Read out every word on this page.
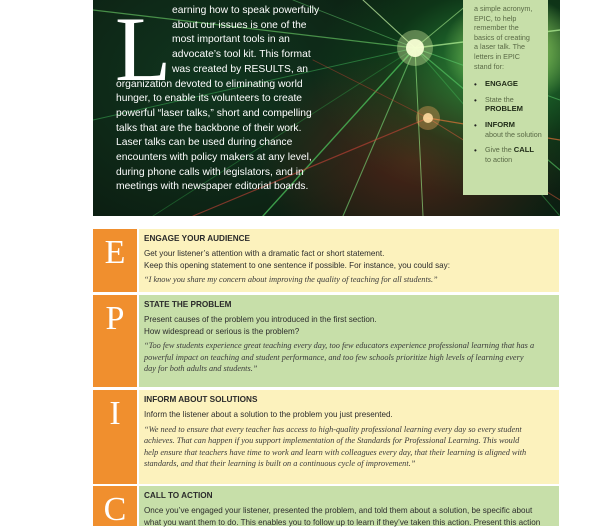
L earning how to speak powerfully
about our issues is one of the
most important tools in an
advocate’s tool kit. This format
was created by RESULTS, an
organization devoted to eliminating world
hunger, to enable its volunteers to create
powerful “laser talks,” short and compelling
talks that are the backbone of their work.
Laser talks can be used during chance
encounters with policy makers at any level,
during phone calls with legislators, and in
meetings with newspaper editorial boards.
a simple acronym,
EPIC, to help
remember the
basics of creating
a laser talk. The
letters in EPIC
stand for:
• ENGAGE
• State the
PROBLEM
• INFORM
about the solution
• Give the CALL
to action
E	ENGAGE YOUR AUDIENCE
Get your listener’s attention with a dramatic fact or short statement.
Keep this opening statement to one sentence if possible. For instance, you could say:
“I know you share my concern about improving the quality of teaching for all students.”
P	STATE THE PROBLEM
Present causes of the problem you introduced in the first section.
How widespread or serious is the problem?
“Too few students experience great teaching every day, too few educators experience professional learning that has a
powerful impact on teaching and student performance, and too few schools prioritize high levels of learning every
day for both adults and students.”
I	INFORM ABOUT SOLUTIONS
Inform the listener about a solution to the problem you just presented.
“We need to ensure that every teacher has access to high-quality professional learning every day so every student
achieves. That can happen if you support implementation of the Standards for Professional Learning. This would
help ensure that teachers have time to work and learn with colleagues every day, that their learning is aligned with
standards, and that their learning is built on a continuous cycle of improvement.”
C	CALL TO ACTION
Once you’ve engaged your listener, presented the problem, and told them about a solution, be specific about
what you want them to do. This enables you to follow up to learn if they’ve taken this action. Present this action
